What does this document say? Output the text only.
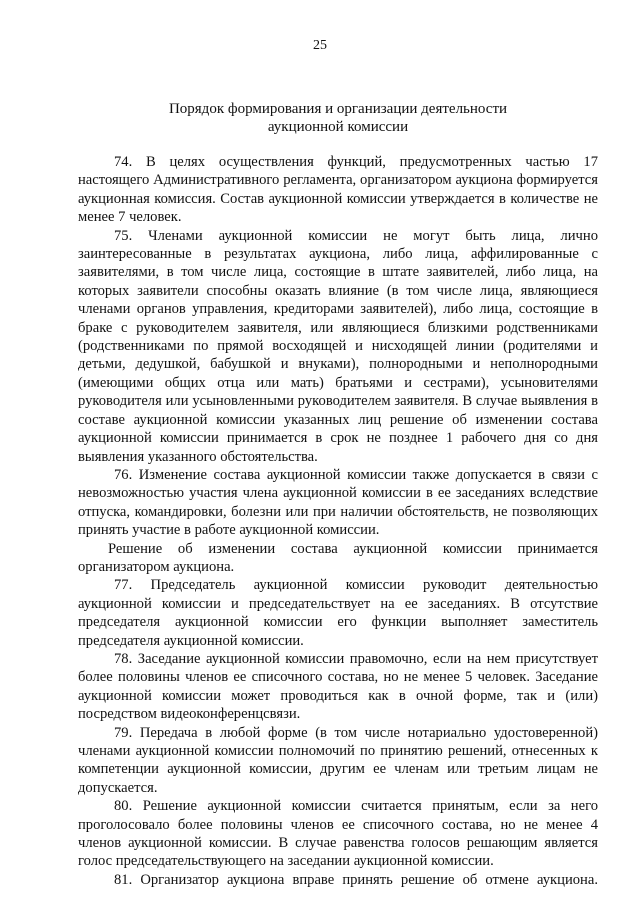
25
Порядок формирования и организации деятельности
аукционной комиссии

74. В целях осуществления функций, предусмотренных частью 17 настоящего Административного регламента, организатором аукциона формируется аукционная комиссия. Состав аукционной комиссии утверждается в количестве не менее 7 человек.

75. Членами аукционной комиссии не могут быть лица, лично заинтересованные в результатах аукциона, либо лица, аффилированные с заявителями, в том числе лица, состоящие в штате заявителей, либо лица, на которых заявители способны оказать влияние (в том числе лица, являющиеся членами органов управления, кредиторами заявителей), либо лица, состоящие в браке с руководителем заявителя, или являющиеся близкими родственниками (родственниками по прямой восходящей и нисходящей линии (родителями и детьми, дедушкой, бабушкой и внуками), полнородными и неполнородными (имеющими общих отца или мать) братьями и сестрами), усыновителями руководителя или усыновленными руководителем заявителя. В случае выявления в составе аукционной комиссии указанных лиц решение об изменении состава аукционной комиссии принимается в срок не позднее 1 рабочего дня со дня выявления указанного обстоятельства.

76. Изменение состава аукционной комиссии также допускается в связи с невозможностью участия члена аукционной комиссии в ее заседаниях вследствие отпуска, командировки, болезни или при наличии обстоятельств, не позволяющих принять участие в работе аукционной комиссии.

Решение об изменении состава аукционной комиссии принимается организатором аукциона.

77. Председатель аукционной комиссии руководит деятельностью аукционной комиссии и председательствует на ее заседаниях. В отсутствие председателя аукционной комиссии его функции выполняет заместитель председателя аукционной комиссии.

78. Заседание аукционной комиссии правомочно, если на нем присутствует более половины членов ее списочного состава, но не менее 5 человек. Заседание аукционной комиссии может проводиться как в очной форме, так и (или) посредством видеоконференцсвязи.

79. Передача в любой форме (в том числе нотариально удостоверенной) членами аукционной комиссии полномочий по принятию решений, отнесенных к компетенции аукционной комиссии, другим ее членам или третьим лицам не допускается.

80. Решение аукционной комиссии считается принятым, если за него проголосовало более половины членов ее списочного состава, но не менее 4 членов аукционной комиссии. В случае равенства голосов решающим является голос председательствующего на заседании аукционной комиссии.

81. Организатор аукциона вправе принять решение об отмене аукциона.
